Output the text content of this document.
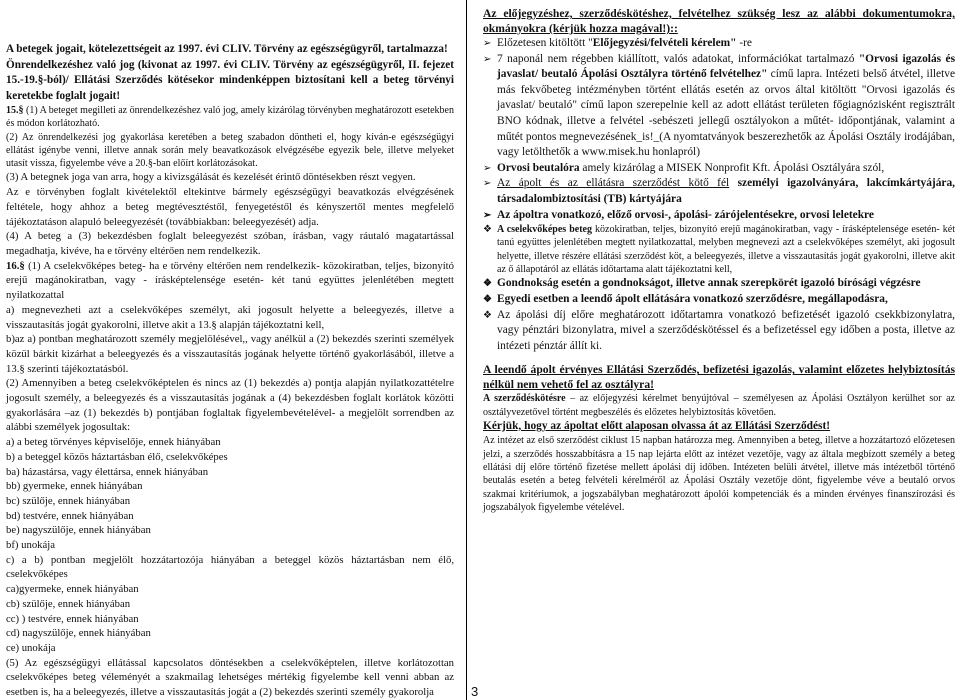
A betegek jogait, kötelezettségeit az 1997. évi CLIV. Törvény az egészségügyről, tartalmazza!

Önrendelkezéshez való jog (kivonat az 1997. évi CLIV. Törvény az egészségügyről, II. fejezet 15.-19.§-ból)/ Ellátási Szerződés kötésekor mindenképpen biztosítani kell a beteg törvényi keretekbe foglalt jogait!

15.§ (1) A beteget megilleti az önrendelkezéshez való jog, amely kizárólag törvényben meghatározott esetekben és módon korlátozható.

(2) Az önrendelkezési jog gyakorlása keretében a beteg szabadon döntheti el, hogy kíván-e egészségügyi ellátást igénybe venni, illetve annak során mely beavatkozások elvégzésébe egyezik bele, illetve melyeket utasít vissza, figyelembe véve a 20.§-ban előírt korlátozásokat.

(3) A betegnek joga van arra, hogy a kivizsgálását és kezelését érintő döntésekben részt vegyen.

Az e törvényben foglalt kivételektől eltekintve bármely egészségügyi beavatkozás elvégzésének feltétele, hogy ahhoz a beteg megtévesztéstől, fenyegetéstől és kényszertől mentes megfelelő tájékoztatáson alapuló beleegyezését (továbbiakban: beleegyezését) adja.

(4) A beteg a (3) bekezdésben foglalt beleegyezést szóban, írásban, vagy ráutaló magatartással megadhatja, kivéve, ha e törvény eltérően nem rendelkezik.

16.§ (1) A cselekvőképes beteg- ha e törvény eltérően nem rendelkezik- közokiratban, teljes, bizonyító erejű magánokiratban, vagy - írásképtelensége esetén- két tanú együttes jelenlétében megtett nyilatkozattal

a) megnevezheti azt a cselekvőképes személyt, aki jogosult helyette a beleegyezés, illetve a visszautasítás jogát gyakorolni, illetve akit a 13.§ alapján tájékoztatni kell,

b)az a) pontban meghatározott személy megjelölésével,, vagy anélkül a (2) bekezdés szerinti személyek közül bárkit kizárhat a beleegyezés és a visszautasítás jogának helyette történő gyakorlásából, illetve a 13.§ szerinti tájékoztatásból.

(2) Amennyiben a beteg cselekvőképtelen és nincs az (1) bekezdés a) pontja alapján nyilatkozattételre jogosult személy, a beleegyezés és a visszautasítás jogának a (4) bekezdésben foglalt korlátok közötti gyakorlására –az (1) bekezdés b) pontjában foglaltak figyelembevételével- a megjelölt sorrendben az alábbi személyek jogosultak:

a) a beteg törvényes képviselője, ennek hiányában

b) a beteggel közös háztartásban élő, cselekvőképes

ba) házastársa, vagy élettársa, ennek hiányában

bb) gyermeke, ennek hiányában

bc) szülője, ennek hiányában

bd) testvére, ennek hiányában

be) nagyszülője, ennek hiányában

bf) unokája

c) a b) pontban megjelölt hozzátartozója hiányában a beteggel közös háztartásban nem élő, cselekvőképes

ca)gyermeke, ennek hiányában

cb) szülője, ennek hiányában

cc) ) testvére, ennek hiányában

cd) nagyszülője, ennek hiányában

ce) unokája

(5) Az egészségügyi ellátással kapcsolatos döntésekben a cselekvőképtelen, illetve korlátozottan cselekvőképes beteg véleményét a szakmailag lehetséges mértékig figyelembe kell venni abban az esetben is, ha a beleegyezés, illetve a visszautasítás jogát a (2) bekezdés szerinti személy gyakorolja

Az előjegyzéshez, szerződéskötéshez, felvételhez szükség lesz az alábbi dokumentumokra, okmányokra (kérjük hozza magával!)::

➢ Előzetesen kitöltött "Előjegyzési/felvételi kérelem" -re

➢ 7 naponál nem régebben kiállított, valós adatokat, információkat tartalmazó "Orvosi igazolás és javaslat/ beutaló Ápolási Osztályra történő felvételhez" című lapra. Intézeti belső átvétel, illetve más fekvőbeteg intézményben történt ellátás esetén az orvos által kitöltött "Orvosi igazolás és javaslat/ beutaló" című lapon szerepelnie kell az adott ellátást területen főgiagnózisként regisztrált BNO kódnak, illetve a felvétel -sebészeti jellegű osztályokon a műtét- időpontjának, valamint a műtét pontos megnevezésének_is!_(A nyomtatványok beszerezhetők az Ápolási Osztály irodájában, vagy letölthetők a www.misek.hu honlapról)

➢ Orvosi beutalóra amely kizárólag a MISEK Nonprofit Kft. Ápolási Osztályára szól,

➢ Az ápolt és az ellátásra szerződést kötő fél személyi igazolványára, lakcímkártyájára, társadalombiztosítási (TB) kártyájára

➢ Az ápoltra vonatkozó, előző orvosi-, ápolási- zárójelentésekre, orvosi leletekre

❖ A cselekvőképes beteg közokiratban, teljes, bizonyító erejű magánokiratban, vagy - írásképtelensége esetén- két tanú együttes jelenlétében megtett nyilatkozattal, melyben megnevezi azt a cselekvőképes személyt, aki jogosult helyette, illetve részére ellátási szerződést köt, a beleegyezés, illetve a visszautasítás jogát gyakorolni, illetve akit az ő állapotáról az ellátás időtartama alatt tájékoztatni kell,

❖ Gondnokság esetén a gondnokságot, illetve annak szerepkörét igazoló bírósági végzésre

❖ Egyedi esetben a leendő ápolt ellátására vonatkozó szerződésre, megállapodásra,

❖ Az ápolási díj előre meghatározott időtartamra vonatkozó befizetését igazoló csekkbizonylatra, vagy pénztári bizonylatra, mivel a szerződéskötéssel és a befizetéssel egy időben a posta, illetve az intézeti pénztár állít ki.

A leendő ápolt érvényes Ellátási Szerződés, befizetési igazolás, valamint előzetes helybiztosítás nélkül nem vehető fel az osztályra!

A szerződéskötésre – az előjegyzési kérelmet benyújtóval – személyesen az Ápolási Osztályon kerülhet sor az osztályvezetővel történt megbeszélés és előzetes helybiztosítás követően.

Kérjük, hogy az ápoltat előtt alaposan olvassa át az Ellátási Szerződést!

Az intézet az első szerződést ciklust 15 napban határozza meg. Amennyiben a beteg, illetve a hozzátartozó előzetesen jelzi, a szerződés hosszabbításra a 15 nap lejárta előtt az intézet vezetője, vagy az általa megbízott személy a beteg ellátási díj előre történő fizetése mellett ápolási díj időben. Intézeten belüli átvétel, illetve más intézetből történő beutalás esetén a beteg felvételi kérelméről az Ápolási Osztály vezetője dönt, figyelembe véve a beutaló orvos szakmai kritériumok, a jogszabályban meghatározott ápolói kompetenciák és a minden érvényes finanszírozási és jogszabályok figyelembe vételével.

3
